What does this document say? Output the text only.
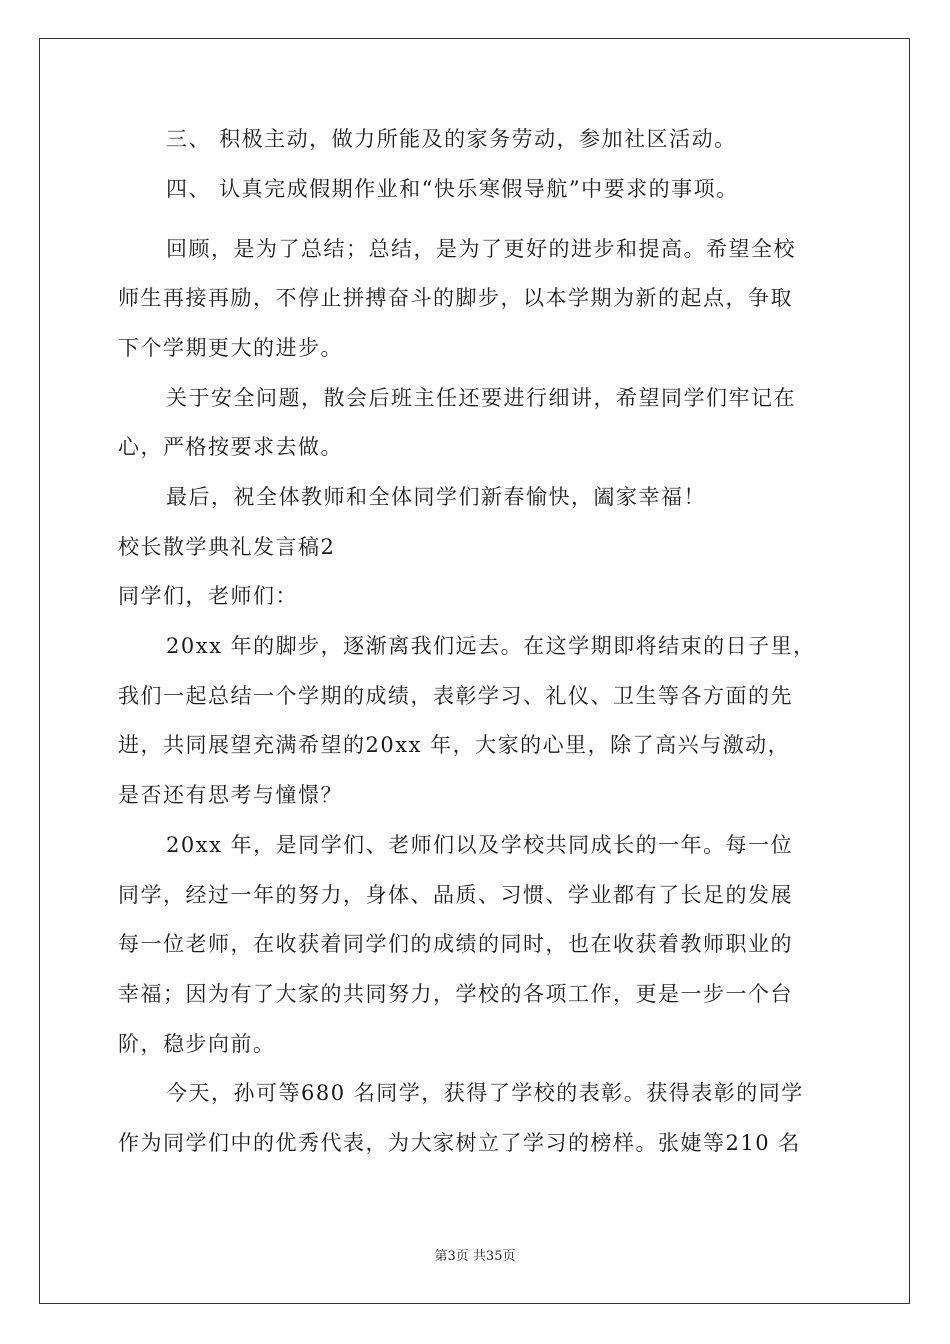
三、 积极主动，做力所能及的家务劳动，参加社区活动。
四、 认真完成假期作业和“快乐寒假导航”中要求的事项。
回顾，是为了总结；总结，是为了更好的进步和提高。希望全校
师生再接再励，不停止拼搏奋斗的脚步，以本学期为新的起点，争取
下个学期更大的进步。
关于安全问题，散会后班主任还要进行细讲，希望同学们牢记在
心，严格按要求去做。
最后，祝全体教师和全体同学们新春愉快，阖家幸福！
校长散学典礼发言稿2
同学们，老师们：
20xx 年的脚步，逐渐离我们远去。在这学期即将结束的日子里，
我们一起总结一个学期的成绩，表彰学习、礼仪、卫生等各方面的先
进，共同展望充满希望的20xx 年，大家的心里，除了高兴与激动，
是否还有思考与憧憬？
20xx 年，是同学们、老师们以及学校共同成长的一年。每一位
同学，经过一年的努力，身体、品质、习惯、学业都有了长足的发展
每一位老师，在收获着同学们的成绩的同时，也在收获着教师职业的
幸福；因为有了大家的共同努力，学校的各项工作，更是一步一个台
阶，稳步向前。
今天，孙可等680 名同学，获得了学校的表彰。获得表彰的同学
作为同学们中的优秀代表，为大家树立了学习的榜样。张婕等210 名
第3页 共35页
